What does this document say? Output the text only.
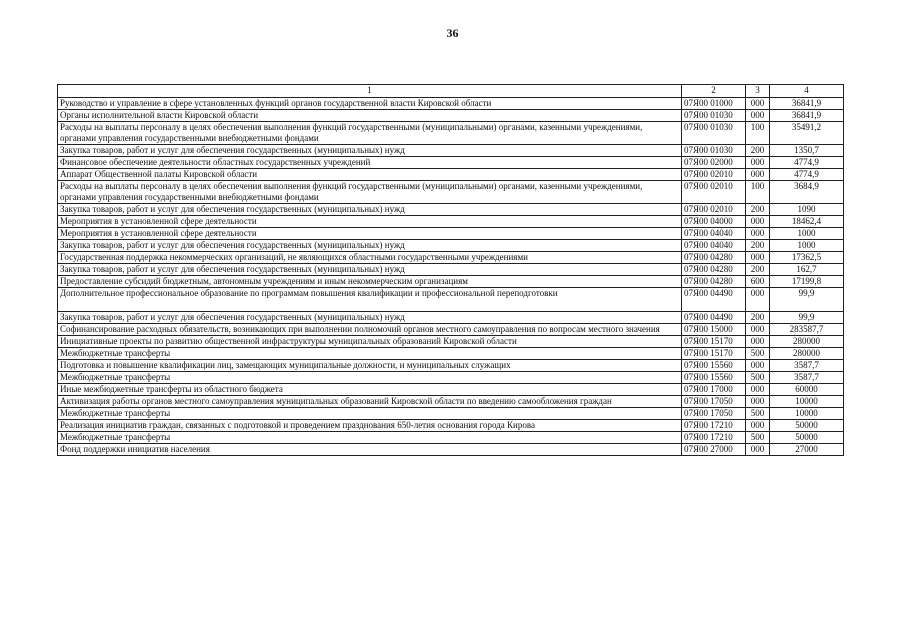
36
1	2	3	4
Руководство и управление в сфере установленных функций органов государственной власти Кировской области	07Я00 01000	000	36841,9
Органы исполнительной власти Кировской области	07Я00 01030	000	36841,9
Расходы на выплаты персоналу в целях обеспечения выполнения функций государственными (муниципальными) органами, казенными учреждениями, органами управления государственными внебюджетными фондами	07Я00 01030	100	35491,2
Закупка товаров, работ и услуг для обеспечения государственных (муниципальных) нужд	07Я00 01030	200	1350,7
Финансовое обеспечение деятельности областных государственных учреждений	07Я00 02000	000	4774,9
Аппарат Общественной палаты Кировской области	07Я00 02010	000	4774,9
Расходы на выплаты персоналу в целях обеспечения выполнения функций государственными (муниципальными) органами, казенными учреждениями, органами управления государственными внебюджетными фондами	07Я00 02010	100	3684,9
Закупка товаров, работ и услуг для обеспечения государственных (муниципальных) нужд	07Я00 02010	200	1090
Мероприятия в установленной сфере деятельности	07Я00 04000	000	18462,4
Мероприятия в установленной сфере деятельности	07Я00 04040	000	1000
Закупка товаров, работ и услуг для обеспечения государственных (муниципальных) нужд	07Я00 04040	200	1000
Государственная поддержка некоммерческих организаций, не являющихся областными государственными учреждениями	07Я00 04280	000	17362,5
Закупка товаров, работ и услуг для обеспечения государственных (муниципальных) нужд	07Я00 04280	200	162,7
Предоставление субсидий бюджетным, автономным учреждениям и иным некоммерческим организациям	07Я00 04280	600	17199,8
Дополнительное профессиональное образование по программам повышения квалификации и профессиональной переподготовки	07Я00 04490	000	99,9
Закупка товаров, работ и услуг для обеспечения государственных (муниципальных) нужд	07Я00 04490	200	99,9
Софинансирование расходных обязательств, возникающих при выполнении полномочий органов местного самоуправления по вопросам местного значения	07Я00 15000	000	283587,7
Инициативные проекты по развитию общественной инфраструктуры муниципальных образований Кировской области	07Я00 15170	000	280000
Межбюджетные трансферты	07Я00 15170	500	280000
Подготовка и повышение квалификации лиц, замещающих муниципальные должности, и муниципальных служащих	07Я00 15560	000	3587,7
Межбюджетные трансферты	07Я00 15560	500	3587,7
Иные межбюджетные трансферты из областного бюджета	07Я00 17000	000	60000
Активизация работы органов местного самоуправления муниципальных образований Кировской области по введению самообложения граждан	07Я00 17050	000	10000
Межбюджетные трансферты	07Я00 17050	500	10000
Реализация инициатив граждан, связанных с подготовкой и проведением празднования 650-летия основания города Кирова	07Я00 17210	000	50000
Межбюджетные трансферты	07Я00 17210	500	50000
Фонд поддержки инициатив населения	07Я00 27000	000	27000
